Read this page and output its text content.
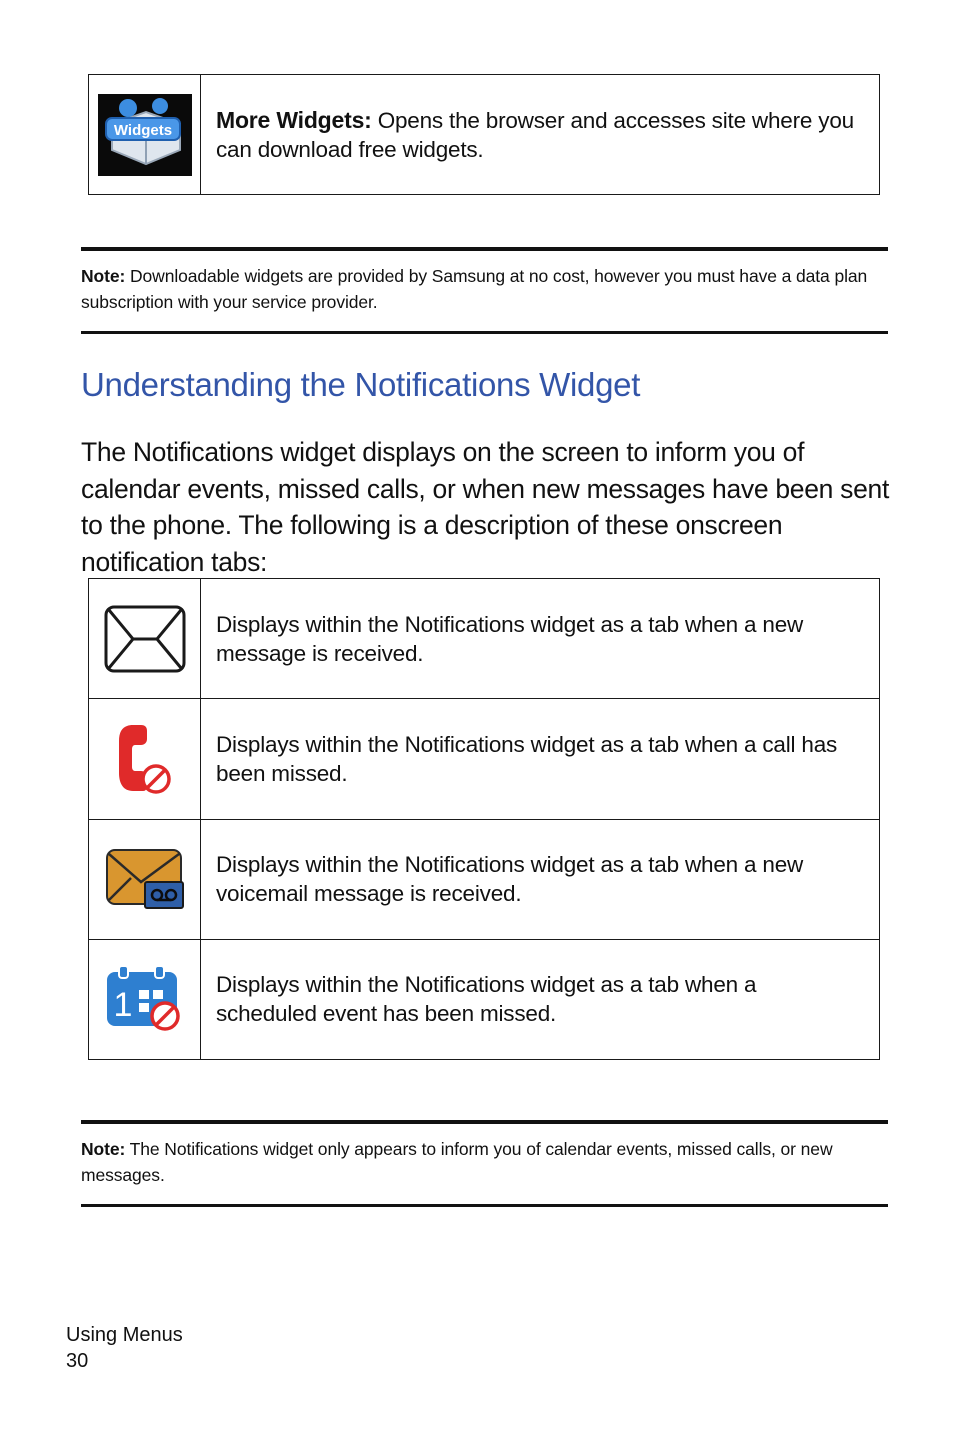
Widgets	More Widgets: Opens the browser and accesses site where you can download free widgets.
Note: Downloadable widgets are provided by Samsung at no cost, however you must have a data plan subscription with your service provider.
Understanding the Notifications Widget

The Notifications widget displays on the screen to inform you of calendar events, missed calls, or when new messages have been sent to the phone. The following is a description of these onscreen notification tabs:

	Displays within the Notifications widget as a tab when a new message is received.

	Displays within the Notifications widget as a tab when a call has been missed.

	Displays within the Notifications widget as a tab when a new voicemail message is received.

1	Displays within the Notifications widget as a tab when a scheduled event has been missed.
Note: The Notifications widget only appears to inform you of calendar events, missed calls, or new messages.
Using Menus
30
